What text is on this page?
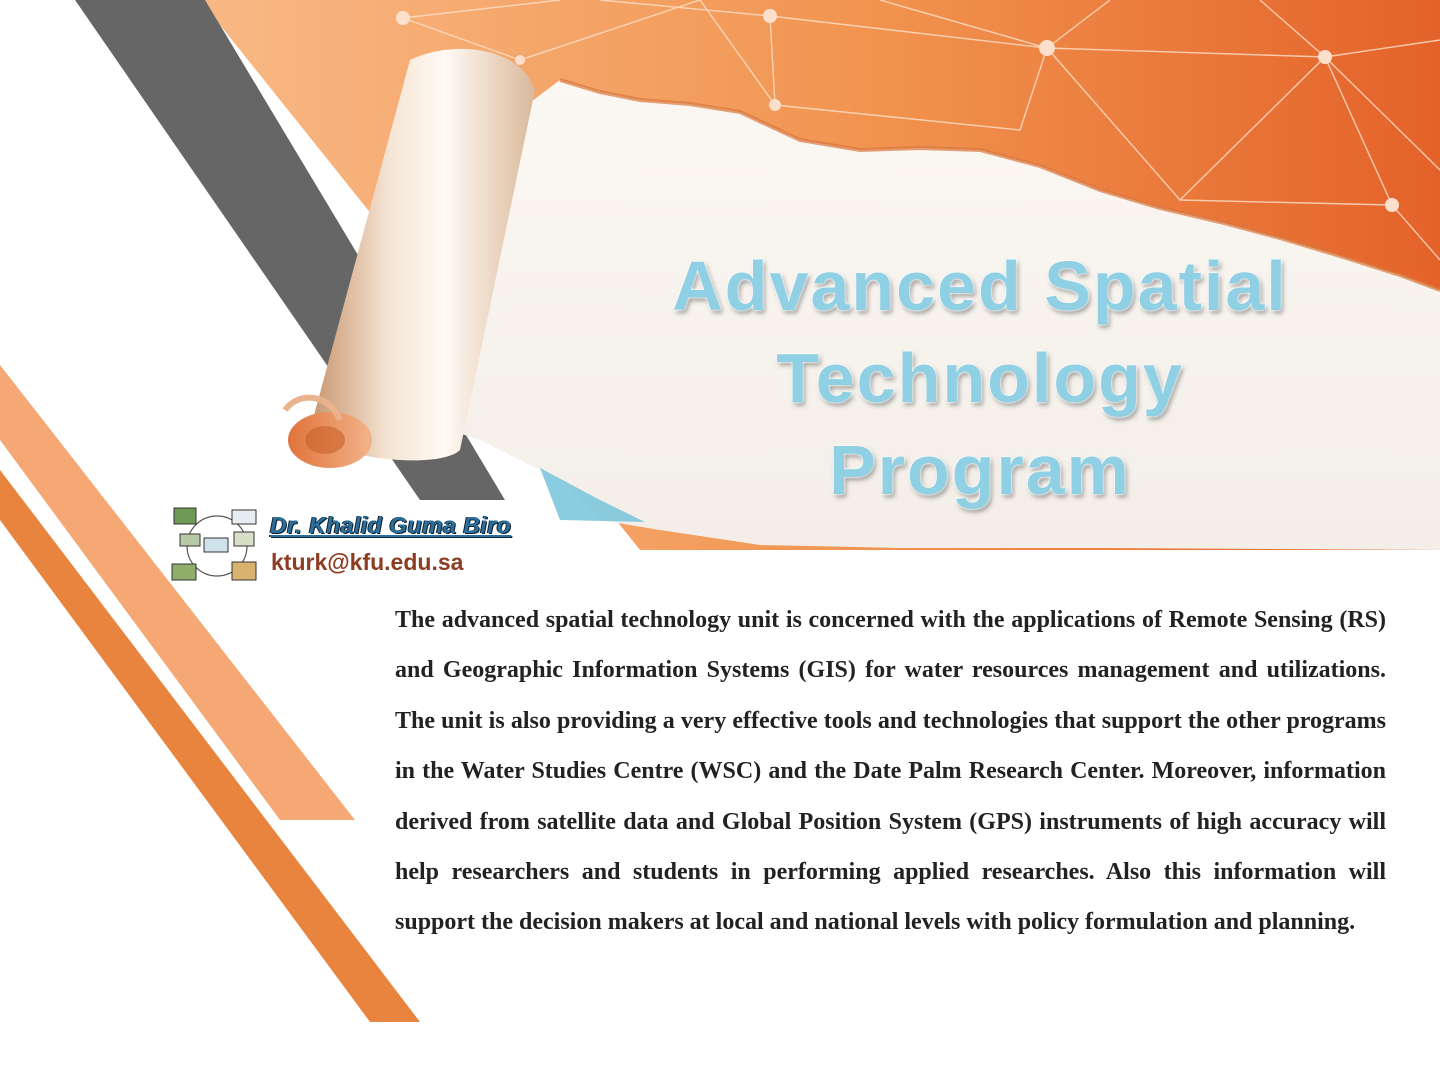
Advanced Spatial
Technology
Program
Dr. Khalid Guma Biro
kturk@kfu.edu.sa

The advanced spatial technology unit is concerned with the applications of Remote Sensing (RS) and Geographic Information Systems (GIS) for water resources management and utilizations. The unit is also providing a very effective tools and technologies that support the other programs in the Water Studies Centre (WSC) and the Date Palm Research Center. Moreover, information derived from satellite data and Global Position System (GPS) instruments of high accuracy will help researchers and students in performing applied researches. Also this information will support the decision makers at local and national levels with policy formulation and planning.
